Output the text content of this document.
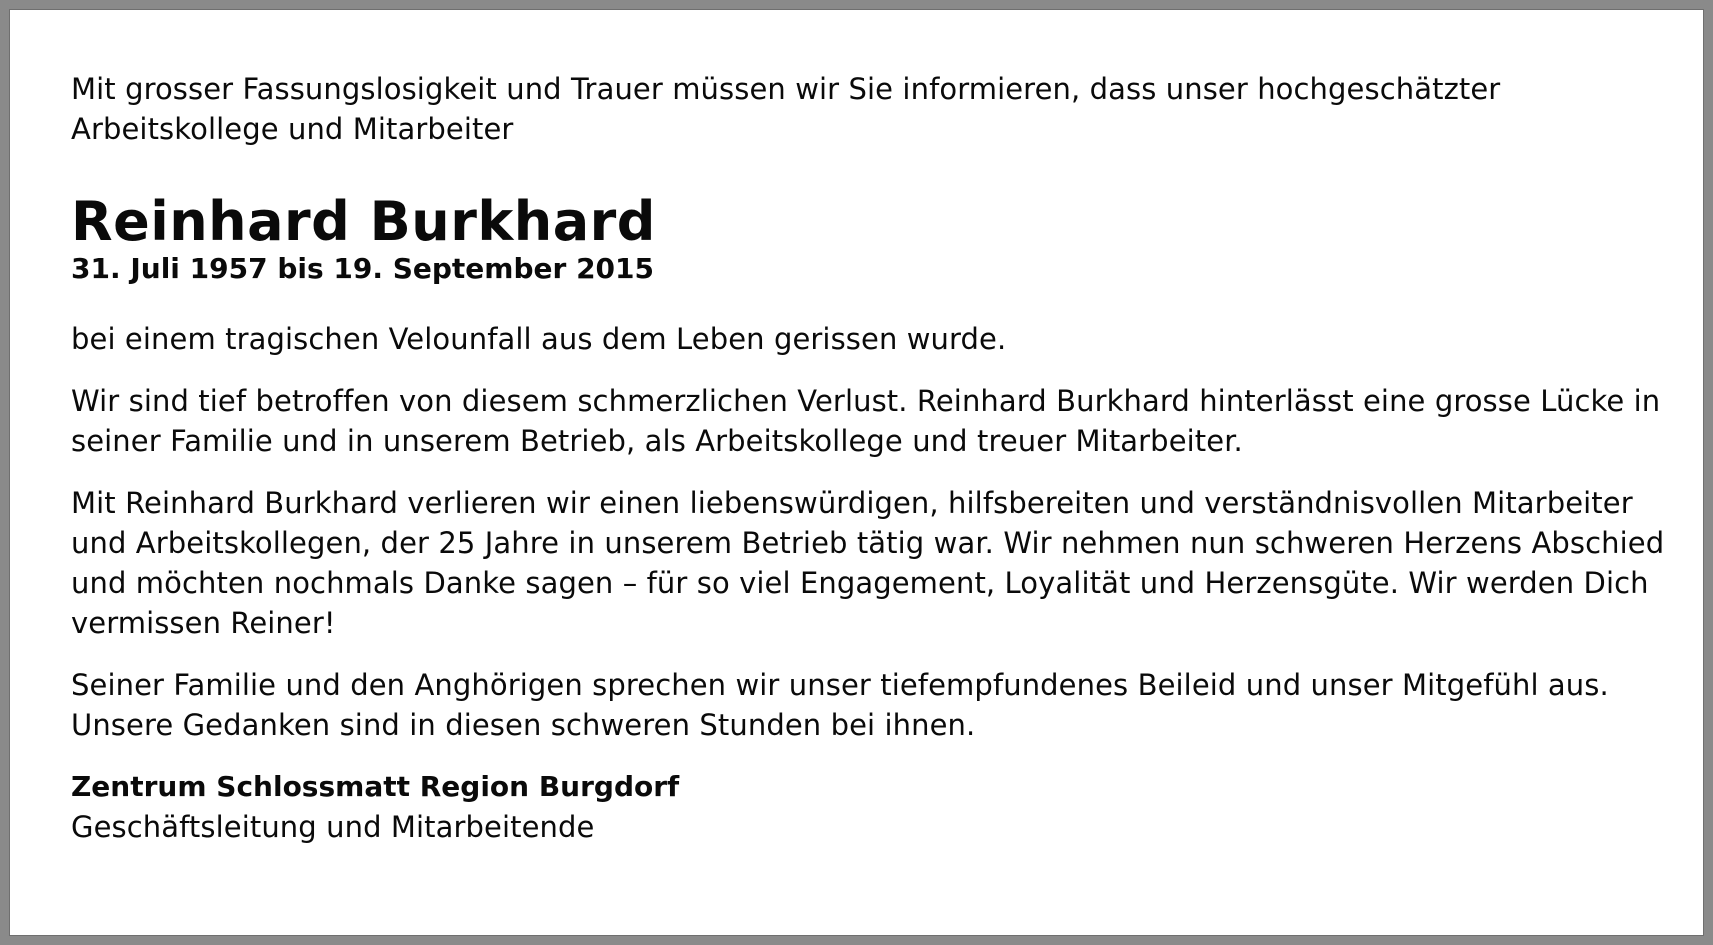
Mit grosser Fassungslosigkeit und Trauer müssen wir Sie informieren, dass unser hochgeschätzter Arbeitskollege und Mitarbeiter

Reinhard Burkhard

31. Juli 1957 bis 19. September 2015

bei einem tragischen Velounfall aus dem Leben gerissen wurde.

Wir sind tief betroffen von diesem schmerzlichen Verlust. Reinhard Burkhard hinterlässt eine grosse Lücke in seiner Familie und in unserem Betrieb, als Arbeitskollege und treuer Mitarbeiter.

Mit Reinhard Burkhard verlieren wir einen liebenswürdigen, hilfsbereiten und verständnisvollen Mitarbeiter und Arbeitskollegen, der 25 Jahre in unserem Betrieb tätig war. Wir nehmen nun schweren Herzens Abschied und möchten nochmals Danke sagen – für so viel Engagement, Loyalität und Herzensgüte. Wir werden Dich vermissen Reiner!

Seiner Familie und den Anghörigen sprechen wir unser tiefempfundenes Beileid und unser Mitgefühl aus. Unsere Gedanken sind in diesen schweren Stunden bei ihnen.

Zentrum Schlossmatt Region Burgdorf

Geschäftsleitung und Mitarbeitende
